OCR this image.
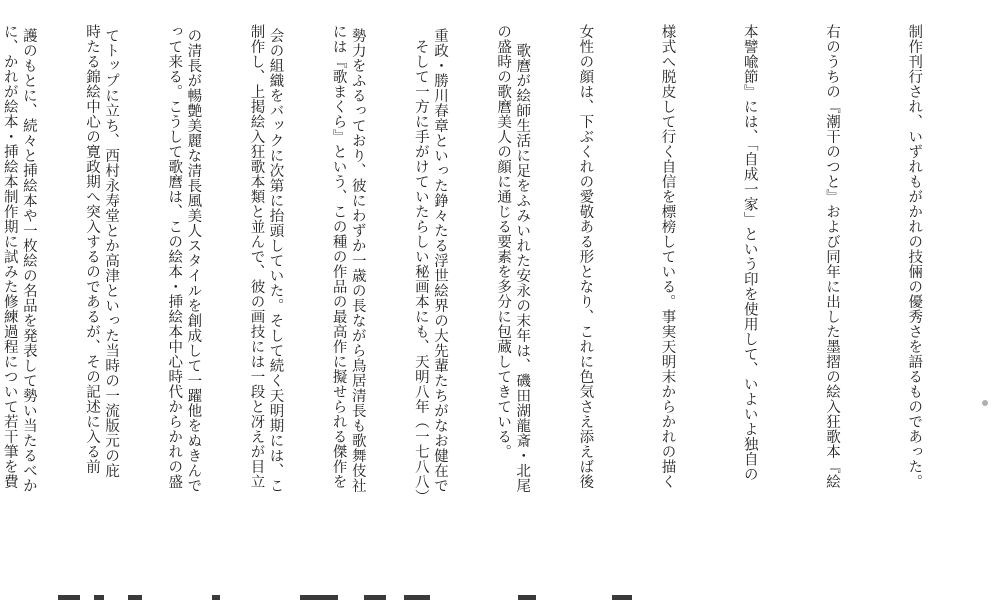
制作刊行され、いずれもがかれの技倆の優秀さを語るものであった。

右のうちの『潮干のつと』および同年に出した墨摺の絵入狂歌本『絵

本譬喩節』には、「自成一家」という印を使用して、いよいよ独自の

様式へ脱皮して行く自信を標榜している。事実天明末からかれの描く

女性の顔は、下ぶくれの愛敬ある形となり、これに色気さえ添えば後

の盛時の歌麿美人の顔に通じる要素を多分に包蔵してきている。

　そして一方に手がけていたらしい秘画本にも、天明八年（一七八八）

には『歌まくら』という、この種の作品の最高作に擬せられる傑作を

制作し、上掲絵入狂歌本類と並んで、彼の画技には一段と冴えが目立

って来る。こうして歌麿は、この絵本・挿絵本中心時代からかれの盛

時たる錦絵中心の寛政期へ突入するのであるが、その記述に入る前

に、かれが絵本・挿絵本制作期に試みた修練過程について若干筆を費

	　歌麿が絵師生活に足をふみいれた安永の末年は、磯田湖龍斎・北尾

重政・勝川春章といった錚々たる浮世絵界の大先輩たちがなお健在で

勢力をふるっており、彼にわずか一歳の長ながら鳥居清長も歌舞伎社

会の組織をバックに次第に抬頭していた。そして続く天明期には、こ

の清長が暢艶美麗な清長風美人スタイルを創成して一躍他をぬきんで

てトップに立ち、西村永寿堂とか高津といった当時の一流版元の庇

護のもとに、続々と挿絵本や一枚絵の名品を発表して勢い当たるべか
